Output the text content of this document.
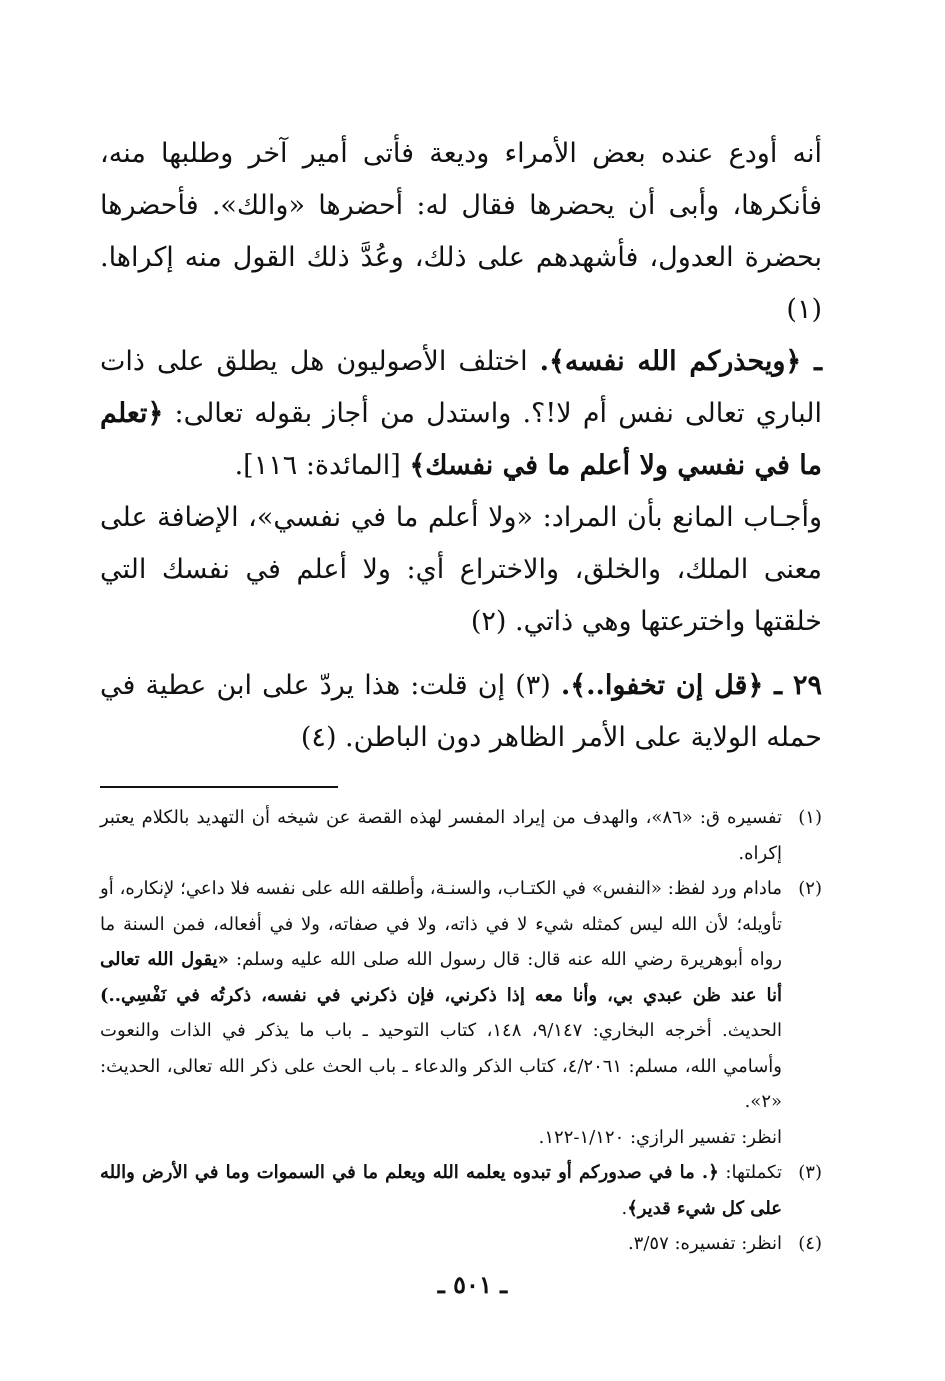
أنه أودع عنده بعض الأمراء وديعة فأتى أمير آخر وطلبها منه، فأنكرها، وأبى أن يحضرها فقال له: أحضرها «والك». فأحضرها بحضرة العدول، فأشهدهم على ذلك، وعُدَّ ذلك القول منه إكراها. (١)

ـ ﴿ويحذركم الله نفسه﴾. اختلف الأصوليون هل يطلق على ذات الباري تعالى نفس أم لا!؟. واستدل من أجاز بقوله تعالى: ﴿تعلم ما في نفسي ولا أعلم ما في نفسك﴾ [المائدة: ١١٦].

وأجـاب المانع بأن المراد: «ولا أعلم ما في نفسي»، الإضافة على معنى الملك، والخلق، والاختراع أي: ولا أعلم في نفسك التي خلقتها واخترعتها وهي ذاتي. (٢)

٢٩ ـ ﴿قل إن تخفوا..﴾. (٣) إن قلت: هذا يردّ على ابن عطية في حمله الولاية على الأمر الظاهر دون الباطن. (٤)

(١)
تفسيره ق: «٨٦»، والهدف من إيراد المفسر لهذه القصة عن شيخه أن التهديد بالكلام يعتبر إكراه.
(٢)
مادام ورد لفظ: «النفس» في الكتـاب، والسنـة، وأطلقه الله على نفسه فلا داعي؛ لإنكاره، أو تأويله؛ لأن الله ليس كمثله شيء لا في ذاته، ولا في صفاته، ولا في أفعاله، فمن السنة ما رواه أبوهريرة رضي الله عنه قال: قال رسول الله صلى الله عليه وسلم: «يقول الله تعالى أنا عند ظن عبدي بي، وأنا معه إذا ذكرني، فإن ذكرني في نفسه، ذكرتُه في نَفْسِي..) الحديث. أخرجه البخاري: ٩/١٤٧، ١٤٨، كتاب التوحيد ـ باب ما يذكر في الذات والنعوت وأسامي الله، مسلم: ٤/٢٠٦١، كتاب الذكر والدعاء ـ باب الحث على ذكر الله تعالى، الحديث: «٢».
انظر: تفسير الرازي: ١/١٢٠-١٢٢.
(٣)
تكملتها: ﴿. ما في صدوركم أو تبدوه يعلمه الله ويعلم ما في السموات وما في الأرض والله على كل شيء قدير﴾.
(٤)
انظر: تفسيره: ٣/٥٧.
ـ ٥٠١ ـ
